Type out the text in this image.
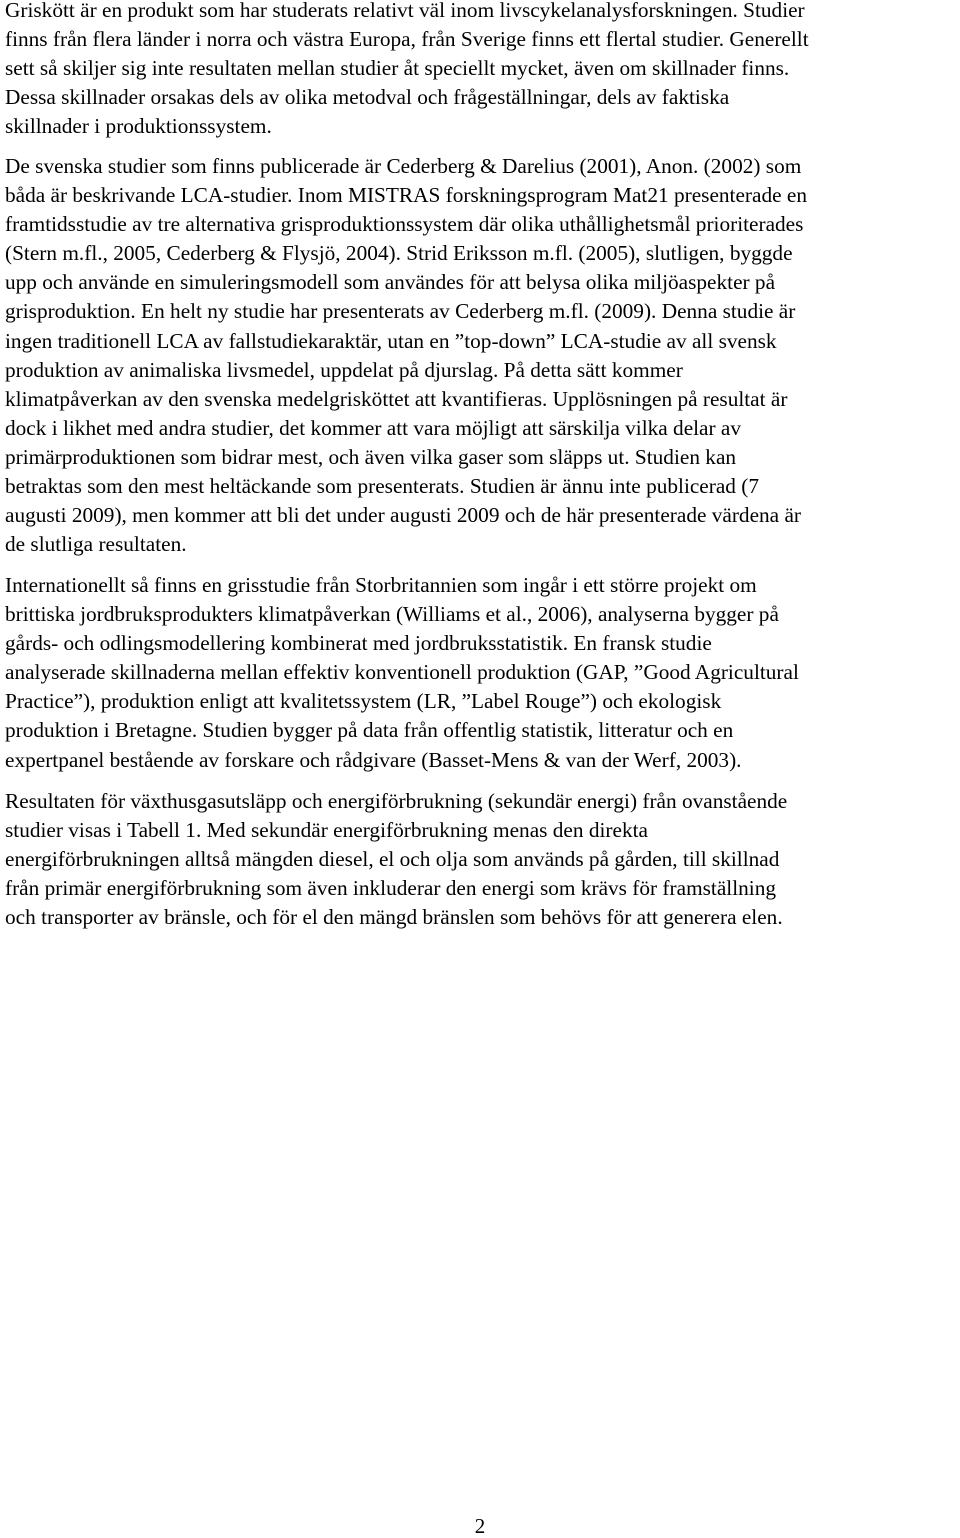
Griskött är en produkt som har studerats relativt väl inom livscykelanalysforskningen. Studier
finns från flera länder i norra och västra Europa, från Sverige finns ett flertal studier. Generellt
sett så skiljer sig inte resultaten mellan studier åt speciellt mycket, även om skillnader finns.
Dessa skillnader orsakas dels av olika metodval och frågeställningar, dels av faktiska
skillnader i produktionssystem.

De svenska studier som finns publicerade är Cederberg & Darelius (2001), Anon. (2002) som
båda är beskrivande LCA-studier. Inom MISTRAS forskningsprogram Mat21 presenterade en
framtidsstudie av tre alternativa grisproduktionssystem där olika uthållighetsmål prioriterades
(Stern m.fl., 2005, Cederberg & Flysjö, 2004). Strid Eriksson m.fl. (2005), slutligen, byggde
upp och använde en simuleringsmodell som användes för att belysa olika miljöaspekter på
grisproduktion. En helt ny studie har presenterats av Cederberg m.fl. (2009). Denna studie är
ingen traditionell LCA av fallstudiekaraktär, utan en ”top-down” LCA-studie av all svensk
produktion av animaliska livsmedel, uppdelat på djurslag. På detta sätt kommer
klimatpåverkan av den svenska medelgrisköttet att kvantifieras. Upplösningen på resultat är
dock i likhet med andra studier, det kommer att vara möjligt att särskilja vilka delar av
primärproduktionen som bidrar mest, och även vilka gaser som släpps ut. Studien kan
betraktas som den mest heltäckande som presenterats. Studien är ännu inte publicerad (7
augusti 2009), men kommer att bli det under augusti 2009 och de här presenterade värdena är
de slutliga resultaten.

Internationellt så finns en grisstudie från Storbritannien som ingår i ett större projekt om
brittiska jordbruksprodukters klimatpåverkan (Williams et al., 2006), analyserna bygger på
gårds- och odlingsmodellering kombinerat med jordbruksstatistik. En fransk studie
analyserade skillnaderna mellan effektiv konventionell produktion (GAP, ”Good Agricultural
Practice”), produktion enligt att kvalitetssystem (LR, ”Label Rouge”) och ekologisk
produktion i Bretagne. Studien bygger på data från offentlig statistik, litteratur och en
expertpanel bestående av forskare och rådgivare (Basset-Mens & van der Werf, 2003).

Resultaten för växthusgasutsläpp och energiförbrukning (sekundär energi) från ovanstående
studier visas i Tabell 1. Med sekundär energiförbrukning menas den direkta
energiförbrukningen alltså mängden diesel, el och olja som används på gården, till skillnad
från primär energiförbrukning som även inkluderar den energi som krävs för framställning
och transporter av bränsle, och för el den mängd bränslen som behövs för att generera elen.

2
